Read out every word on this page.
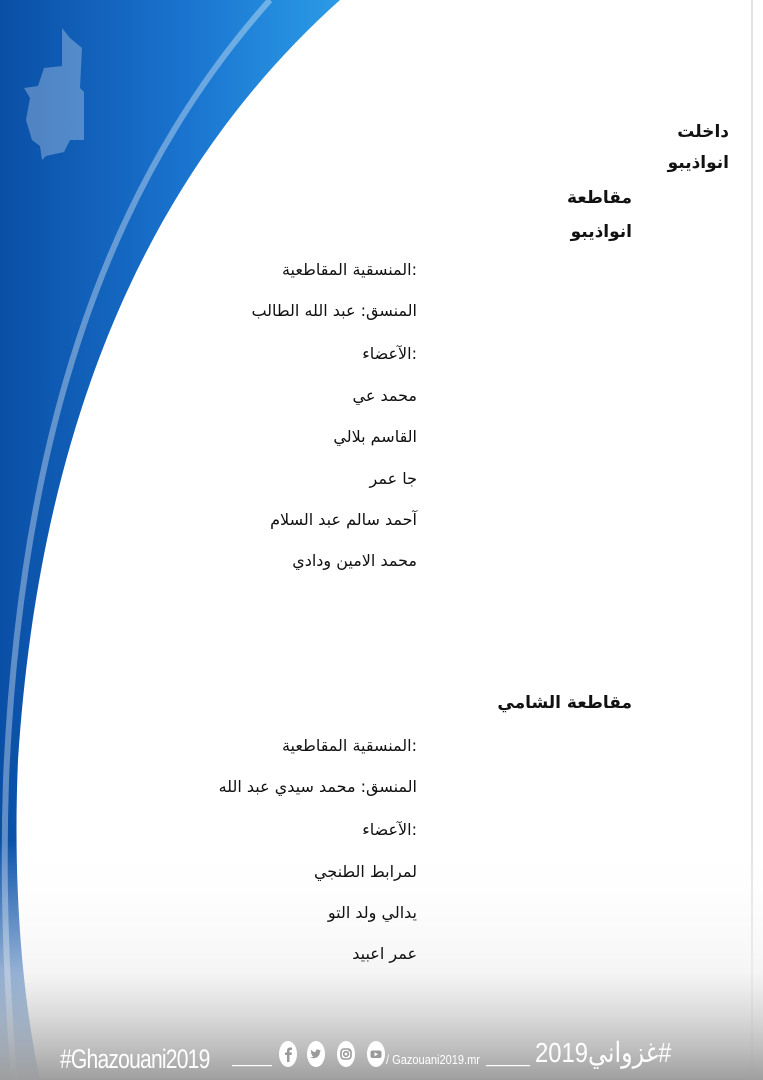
داخلت
انواذيبو
مقاطعة
انواذيبو
:المنسقية المقاطعية
المنسق: عبد الله الطالب
:الآعضاء
محمد عي
القاسم بلالي
جا عمر
آحمد سالم عبد السلام
محمد الامين ودادي
مقاطعة الشامي
:المنسقية المقاطعية
المنسق: محمد سيدي عبد الله
:الآعضاء
لمرابط الطنجي
يدالي ولد التو
عمر اعبيد
#Ghazouani2019	/ Gazouani2019.mr #غزواني2019
